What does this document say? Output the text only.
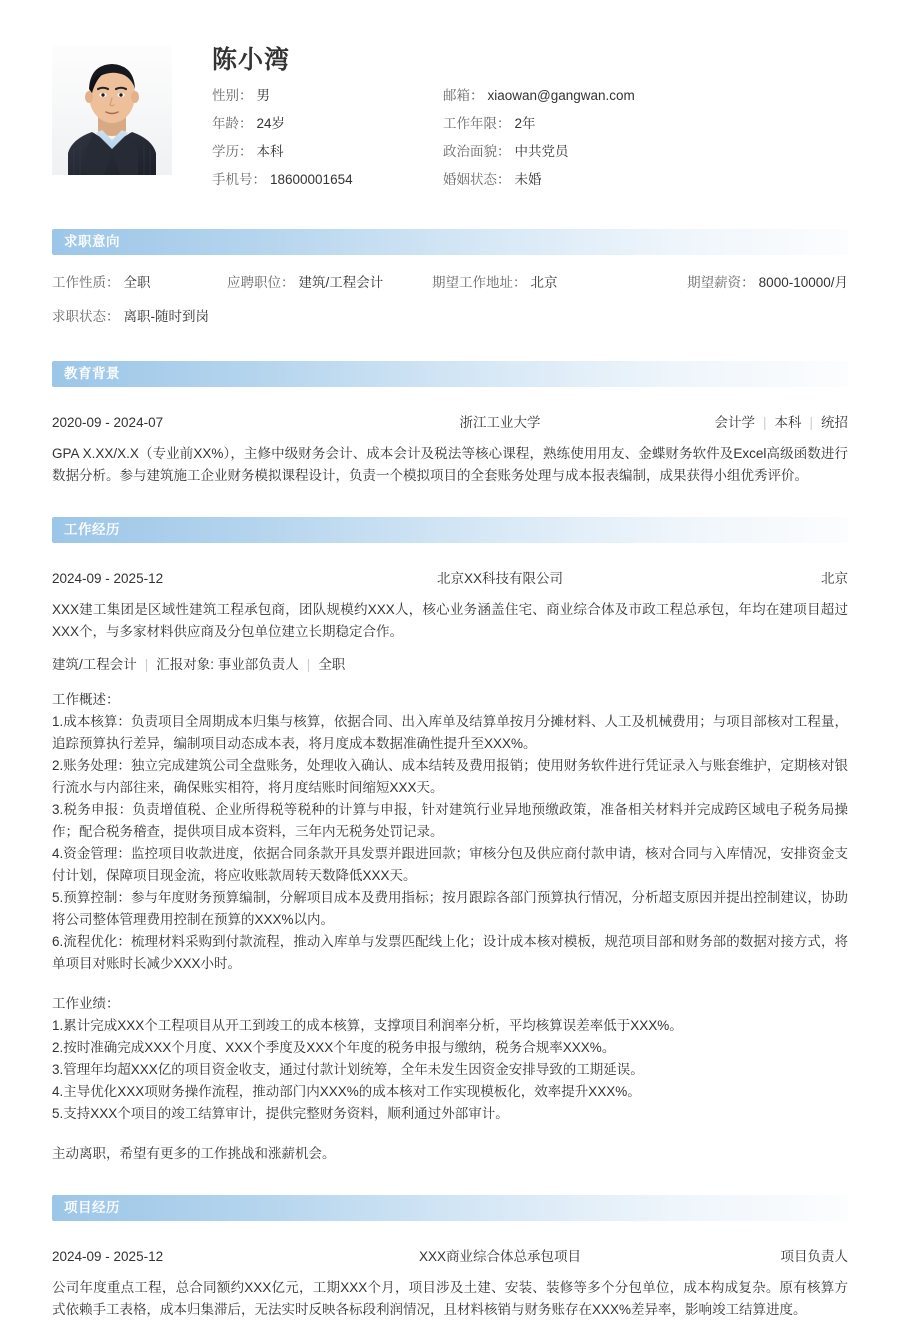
陈小湾
性别： 男	邮箱： xiaowan@gangwan.com
年龄： 24岁	工作年限： 2年
学历： 本科	政治面貌： 中共党员
手机号： 18600001654	婚姻状态： 未婚
求职意向
工作性质： 全职	应聘职位： 建筑/工程会计	期望工作地址： 北京	期望薪资： 8000-10000/月
求职状态： 离职-随时到岗
教育背景
2020-09 - 2024-07	浙江工业大学	会计学 | 本科 | 统招
GPA X.XX/X.X（专业前XX%），主修中级财务会计、成本会计及税法等核心课程，熟练使用用友、金蝶财务软件及Excel高级函数进行数据分析。参与建筑施工企业财务模拟课程设计，负责一个模拟项目的全套账务处理与成本报表编制，成果获得小组优秀评价。
工作经历
2024-09 - 2025-12	北京XX科技有限公司	北京
XXX建工集团是区域性建筑工程承包商，团队规模约XXX人，核心业务涵盖住宅、商业综合体及市政工程总承包，年均在建项目超过XXX个，与多家材料供应商及分包单位建立长期稳定合作。
建筑/工程会计 | 汇报对象: 事业部负责人 | 全职
工作概述：
1.成本核算：负责项目全周期成本归集与核算，依据合同、出入库单及结算单按月分摊材料、人工及机械费用；与项目部核对工程量，追踪预算执行差异，编制项目动态成本表，将月度成本数据准确性提升至XXX%。
2.账务处理：独立完成建筑公司全盘账务，处理收入确认、成本结转及费用报销；使用财务软件进行凭证录入与账套维护，定期核对银行流水与内部往来，确保账实相符，将月度结账时间缩短XXX天。
3.税务申报：负责增值税、企业所得税等税种的计算与申报，针对建筑行业异地预缴政策，准备相关材料并完成跨区域电子税务局操作；配合税务稽查，提供项目成本资料，三年内无税务处罚记录。
4.资金管理：监控项目收款进度，依据合同条款开具发票并跟进回款；审核分包及供应商付款申请，核对合同与入库情况，安排资金支付计划，保障项目现金流，将应收账款周转天数降低XXX天。
5.预算控制：参与年度财务预算编制，分解项目成本及费用指标；按月跟踪各部门预算执行情况，分析超支原因并提出控制建议，协助将公司整体管理费用控制在预算的XXX%以内。
6.流程优化：梳理材料采购到付款流程，推动入库单与发票匹配线上化；设计成本核对模板，规范项目部和财务部的数据对接方式，将单项目对账时长减少XXX小时。
工作业绩：
1.累计完成XXX个工程项目从开工到竣工的成本核算，支撑项目利润率分析，平均核算误差率低于XXX%。
2.按时准确完成XXX个月度、XXX个季度及XXX个年度的税务申报与缴纳，税务合规率XXX%。
3.管理年均超XXX亿的项目资金收支，通过付款计划统筹，全年未发生因资金安排导致的工期延误。
4.主导优化XXX项财务操作流程，推动部门内XXX%的成本核对工作实现模板化，效率提升XXX%。
5.支持XXX个项目的竣工结算审计，提供完整财务资料，顺利通过外部审计。
主动离职，希望有更多的工作挑战和涨薪机会。
项目经历
2024-09 - 2025-12	XXX商业综合体总承包项目	项目负责人
公司年度重点工程，总合同额约XXX亿元，工期XXX个月，项目涉及土建、安装、装修等多个分包单位，成本构成复杂。原有核算方式依赖手工表格，成本归集滞后，无法实时反映各标段利润情况，且材料核销与财务账存在XXX%差异率，影响竣工结算进度。
